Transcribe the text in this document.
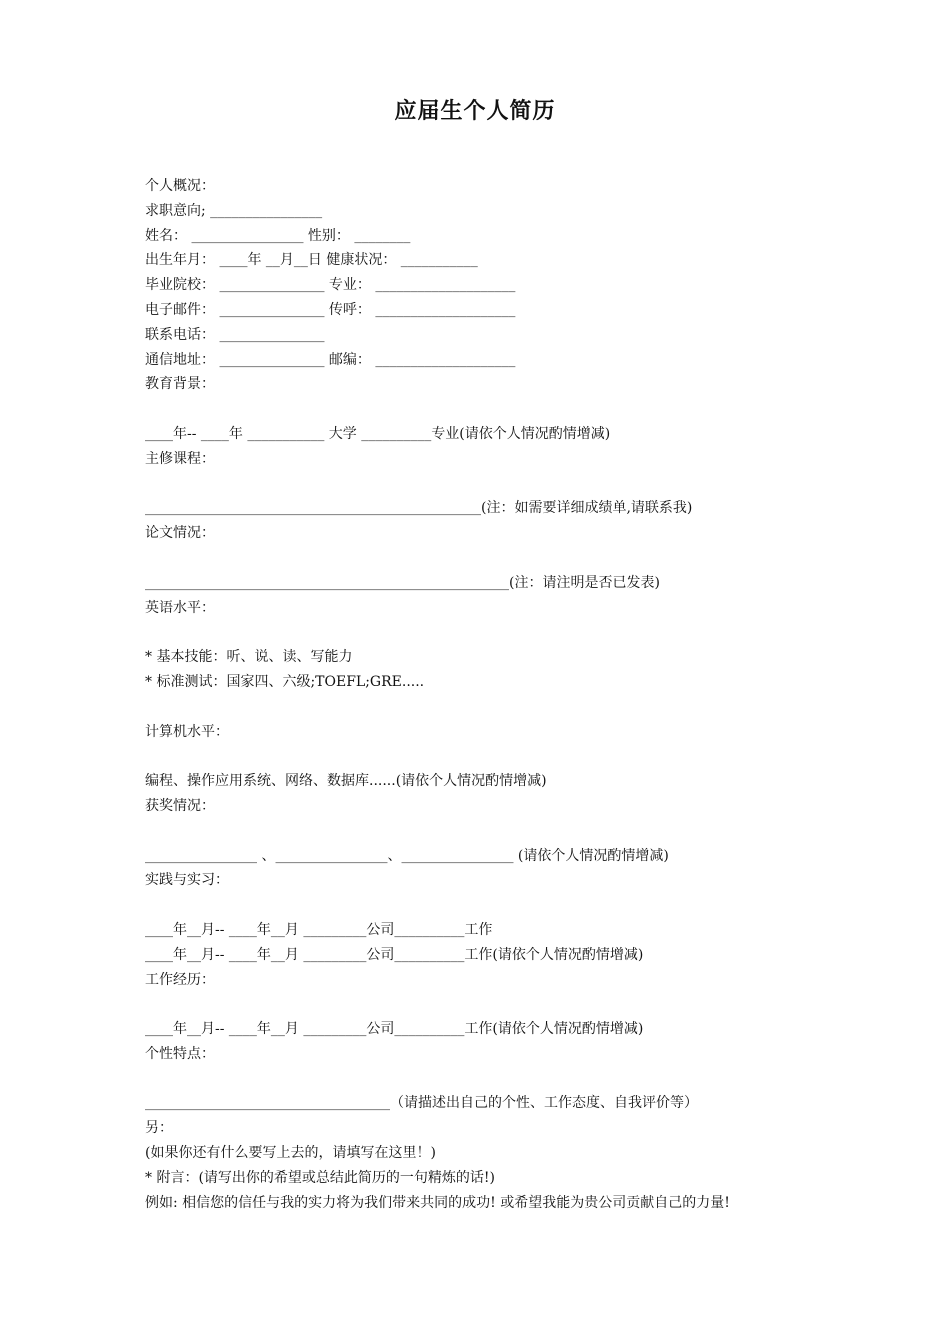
应届生个人简历
个人概况：
求职意向; ________________
姓名： ________________ 性别： ________
出生年月： ____年 __月__日 健康状况： ___________
毕业院校： _______________ 专业： ____________________
电子邮件： _______________ 传呼： ____________________
联系电话： _______________
通信地址： _______________ 邮编： ____________________
教育背景：
____年-- ____年 ___________ 大学 __________专业(请依个人情况酌情增减)
主修课程：
________________________________________________(注：如需要详细成绩单,请联系我)
论文情况：
____________________________________________________(注：请注明是否已发表)
英语水平：
* 基本技能：听、说、读、写能力
* 标准测试：国家四、六级;TOEFL;GRE.....
计算机水平：
编程、操作应用系统、网络、数据库......(请依个人情况酌情增减)
获奖情况：
________________ 、________________、________________ (请依个人情况酌情增减)
实践与实习：
____年__月-- ____年__月 _________公司__________工作
____年__月-- ____年__月 _________公司__________工作(请依个人情况酌情增减)
工作经历：
____年__月-- ____年__月 _________公司__________工作(请依个人情况酌情增减)
个性特点：
___________________________________（请描述出自己的个性、工作态度、自我评价等）
另：
(如果你还有什么要写上去的，请填写在这里！)
* 附言：(请写出你的希望或总结此简历的一句精炼的话!)
例如: 相信您的信任与我的实力将为我们带来共同的成功! 或希望我能为贵公司贡献自己的力量!
